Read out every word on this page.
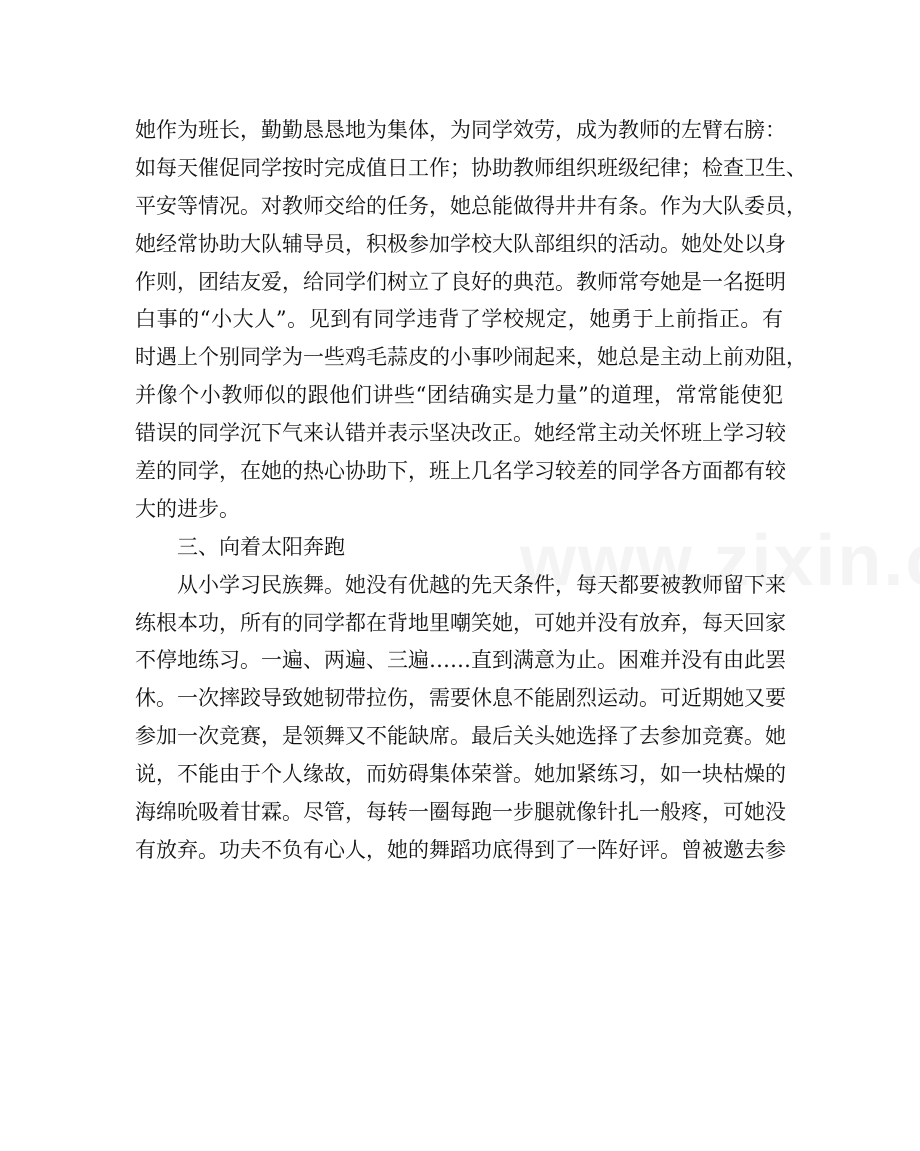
她作为班长，勤勤恳恳地为集体，为同学效劳，成为教师的左臂右膀：
如每天催促同学按时完成值日工作；协助教师组织班级纪律；检查卫生、
平安等情况。对教师交给的任务，她总能做得井井有条。作为大队委员，
她经常协助大队辅导员，积极参加学校大队部组织的活动。她处处以身
作则，团结友爱，给同学们树立了良好的典范。教师常夸她是一名挺明
白事的“小大人”。见到有同学违背了学校规定，她勇于上前指正。有
时遇上个别同学为一些鸡毛蒜皮的小事吵闹起来，她总是主动上前劝阻，
并像个小教师似的跟他们讲些“团结确实是力量”的道理，常常能使犯
错误的同学沉下气来认错并表示坚决改正。她经常主动关怀班上学习较
差的同学，在她的热心协助下，班上几名学习较差的同学各方面都有较
大的进步。
三、向着太阳奔跑
从小学习民族舞。她没有优越的先天条件，每天都要被教师留下来
练根本功，所有的同学都在背地里嘲笑她，可她并没有放弃，每天回家
不停地练习。一遍、两遍、三遍……直到满意为止。困难并没有由此罢
休。一次摔跤导致她韧带拉伤，需要休息不能剧烈运动。可近期她又要
参加一次竞赛，是领舞又不能缺席。最后关头她选择了去参加竞赛。她
说，不能由于个人缘故，而妨碍集体荣誉。她加紧练习，如一块枯燥的
海绵吮吸着甘霖。尽管，每转一圈每跑一步腿就像针扎一般疼，可她没
有放弃。功夫不负有心人，她的舞蹈功底得到了一阵好评。曾被邀去参
